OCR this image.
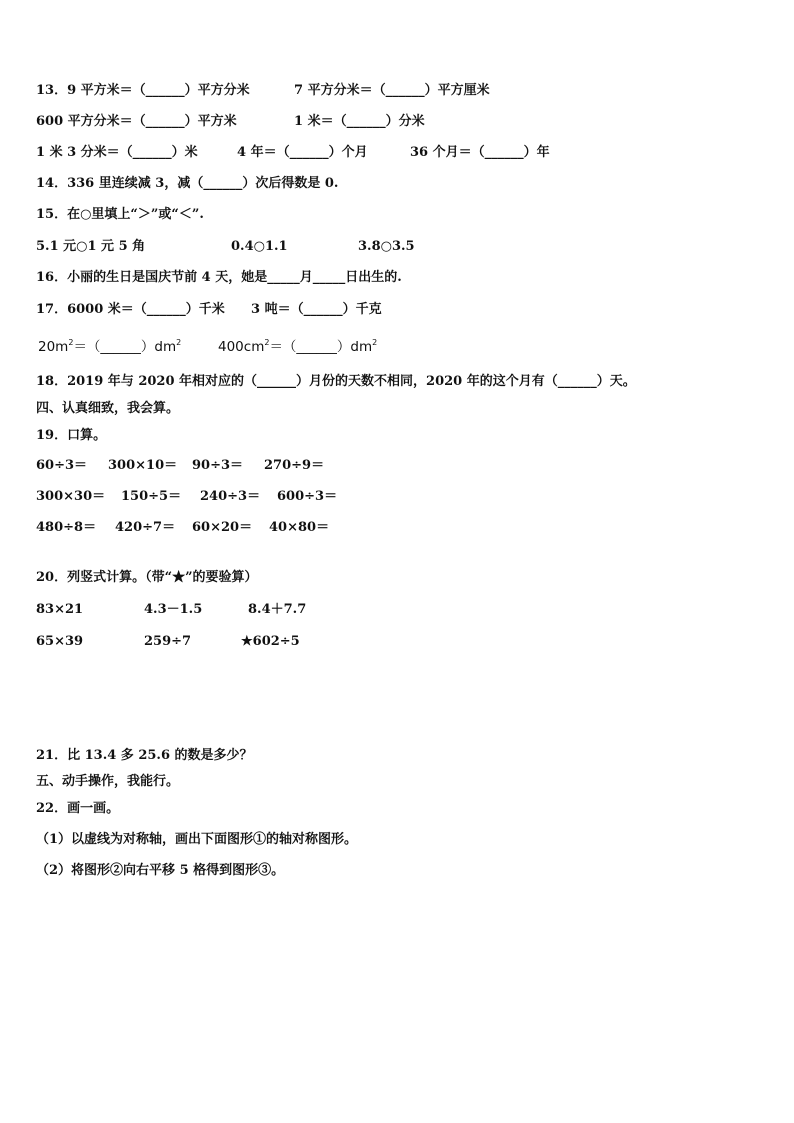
13．9 平方米＝（______）平方分米	7 平方分米＝（______）平方厘米
600 平方分米＝（______）平方米	1 米＝（______）分米
1 米 3 分米＝（______）米	4 年＝（______）个月	36 个月＝（______）年
14．336 里连续减 3，减（______）次后得数是 0.
15．在○里填上“＞”或“＜”.
5.1 元○1 元 5 角	0.4○1.1	3.8○3.5
16．小丽的生日是国庆节前 4 天，她是_____月_____日出生的.
17．6000 米＝（______）千米 3 吨＝（______）千克
$20m^2=(\_\_\_\_\_\_)dm^2$	$400cm^2=(\_\_\_\_\_\_)dm^2$
18．2019 年与 2020 年相对应的（______）月份的天数不相同，2020 年的这个月有（______）天。
四、认真细致，我会算。
19．口算。
60÷3＝ 300×10＝ 90÷3＝ 270÷9＝
300×30＝ 150÷5＝ 240÷3＝ 600÷3＝
480÷8＝ 420÷7＝ 60×20＝ 40×80＝
20．列竖式计算。（带“★”的要验算）
83×21	4.3－1.5	8.4＋7.7
65×39	259÷7	★602÷5
21．比 13.4 多 25.6 的数是多少？
五、动手操作，我能行。
22．画一画。
（1）以虚线为对称轴，画出下面图形①的轴对称图形。
（2）将图形②向右平移 5 格得到图形③。
